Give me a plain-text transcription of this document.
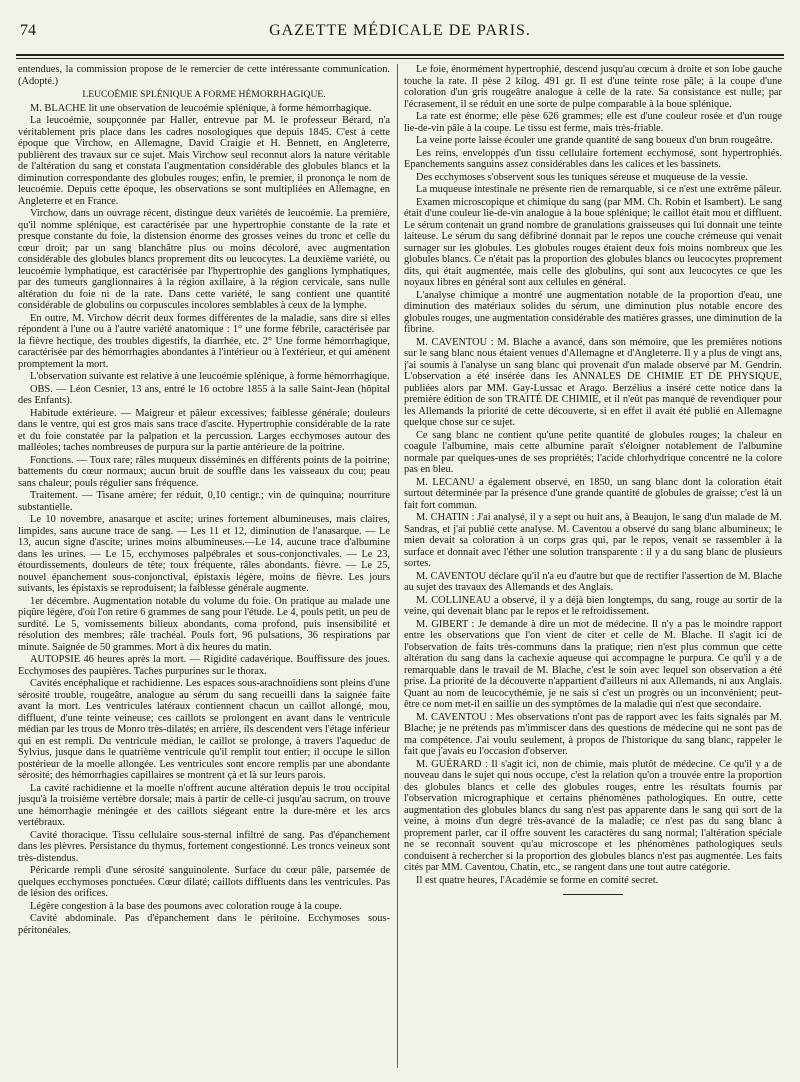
74	GAZETTE MÉDICALE DE PARIS.

entendues, la commission propose de le remercier de cette intéressante communication. (Adopté.)

LEUCOÉMIE SPLÉNIQUE A FORME HÉMORRHAGIQUE.

M. BLACHE lit une observation de leucoémie splénique, à forme hémorrhagique.

La leucoémie, soupçonnée par Haller, entrevue par M. le professeur Bérard, n'a véritablement pris place dans les cadres nosologiques que depuis 1845. C'est à cette époque que Virchow, en Allemagne, David Craigie et H. Bennett, en Angleterre, publièrent des travaux sur ce sujet. Mais Virchow seul reconnut alors la nature véritable de l'altération du sang et constata l'augmentation considérable des globules blancs et la diminution correspondante des globules rouges; enfin, le premier, il prononça le nom de leucoémie. Depuis cette époque, les observations se sont multipliées en Allemagne, en Angleterre et en France.

Virchow, dans un ouvrage récent, distingue deux variétés de leucoémie. La première, qu'il nomme splénique, est caractérisée par une hypertrophie constante de la rate et presque constante du foie, la distension énorme des grosses veines du tronc et celle du cœur droit; par un sang blanchâtre plus ou moins décoloré, avec augmentation considérable des globules blancs proprement dits ou leucocytes. La deuxième variété, ou leucoémie lymphatique, est caractérisée par l'hypertrophie des ganglions lymphatiques, par des tumeurs ganglionnaires à la région axillaire, à la région cervicale, sans nulle altération du foie ni de la rate. Dans cette variété, le sang contient une quantité considérable de globulins ou corpuscules incolores semblables à ceux de la lymphe.

En outre, M. Virchow décrit deux formes différentes de la maladie, sans dire si elles répondent à l'une ou à l'autre variété anatomique : 1° une forme fébrile, caractérisée par la fièvre hectique, des troubles digestifs, la diarrhée, etc. 2° Une forme hémorrhagique, caractérisée par des hémorrhagies abondantes à l'intérieur ou à l'extérieur, et qui amènent promptement la mort.

L'observation suivante est relative à une leucoémie splénique, à forme hémorrhagique.

OBS. — Léon Cesnier, 13 ans, entré le 16 octobre 1855 à la salle Saint-Jean (hôpital des Enfants).

Habitude extérieure. — Maigreur et pâleur excessives; faiblesse générale; douleurs dans le ventre, qui est gros mais sans trace d'ascite. Hypertrophie considérable de la rate et du foie constatée par la palpation et la percussion. Larges ecchymoses autour des malléoles; taches nombreuses de purpura sur la partie antérieure de la poitrine.

Fonctions. — Toux rare; râles muqueux disséminés en différents points de la poitrine; battements du cœur normaux; aucun bruit de souffle dans les vaisseaux du cou; peau sans chaleur; pouls régulier sans fréquence.

Traitement. — Tisane amère; fer réduit, 0,10 centigr.; vin de quinquina; nourriture substantielle.

Le 10 novembre, anasarque et ascite; urines fortement albumineuses, mais claires, limpides, sans aucune trace de sang. — Les 11 et 12, diminution de l'anasarque. — Le 13, aucun signe d'ascite; urines moins albumineuses.—Le 14, aucune trace d'albumine dans les urines. — Le 15, ecchymoses palpébrales et sous-conjonctivales. — Le 23, étourdissements, douleurs de tête; toux fréquente, râles abondants. fièvre. — Le 25, nouvel épanchement sous-conjonctival, épistaxis légère, moins de fièvre. Les jours suivants, les épistaxis se reproduisent; la faiblesse générale augmente.

1er décembre. Augmentation notable du volume du foie. On pratique au malade une piqûre légère, d'où l'on retire 6 grammes de sang pour l'étude. Le 4, pouls petit, un peu de surdité. Le 5, vomissements bilieux abondants, coma profond, puis insensibilité et résolution des membres; râle trachéal. Pouls fort, 96 pulsations, 36 respirations par minute. Saignée de 50 grammes. Mort à dix heures du matin.

AUTOPSIE 46 heures après la mort. — Rigidité cadavérique. Bouffissure des joues. Ecchymoses des paupières. Taches purpurines sur le thorax.

Cavités encéphalique et rachidienne. Les espaces sous-arachnoïdiens sont pleins d'une sérosité trouble, rougeâtre, analogue au sérum du sang recueilli dans la saignée faite avant la mort. Les ventricules latéraux contiennent chacun un caillot allongé, mou, diffluent, d'une teinte veineuse; ces caillots se prolongent en avant dans le ventricule médian par les trous de Monro très-dilatés; en arrière, ils descendent vers l'étage inférieur qui en est rempli. Du ventricule médian, le caillot se prolonge, à travers l'aqueduc de Sylvius, jusque dans le quatrième ventricule qu'il remplit tout entier; il occupe le sillon postérieur de la moelle allongée. Les ventricules sont encore remplis par une abondante sérosité; des hémorrhagies capillaires se montrent çà et là sur leurs parois.

La cavité rachidienne et la moelle n'offrent aucune altération depuis le trou occipital jusqu'à la troisième vertèbre dorsale; mais à partir de celle-ci jusqu'au sacrum, on trouve une hémorrhagie méningée et des caillots siégeant entre la dure-mère et les arcs vertébraux.

Cavité thoracique. Tissu cellulaire sous-sternal infiltré de sang. Pas d'épanchement dans les plèvres. Persistance du thymus, fortement congestionné. Les troncs veineux sont très-distendus.

Péricarde rempli d'une sérosité sanguinolente. Surface du cœur pâle, parsemée de quelques ecchymoses ponctuées. Cœur dilaté; caillots diffluents dans les ventricules. Pas de lésion des orifices.

Légère congestion à la base des poumons avec coloration rouge à la coupe.

Cavité abdominale. Pas d'épanchement dans le péritoine. Ecchymoses sous-péritonéales.

Le foie, énormément hypertrophié, descend jusqu'au cœcum à droite et son lobe gauche touche la rate. Il pèse 2 kilog. 491 gr. Il est d'une teinte rose pâle; à la coupe d'une coloration d'un gris rougeâtre analogue à celle de la rate. Sa consistance est nulle; par l'écrasement, il se réduit en une sorte de pulpe comparable à la boue splénique.

La rate est énorme; elle pèse 626 grammes; elle est d'une couleur rosée et d'un rouge lie-de-vin pâle à la coupe. Le tissu est ferme, mais très-friable.

La veine porte laisse écouler une grande quantité de sang boueux d'un brun rougeâtre.

Les reins, enveloppés d'un tissu cellulaire fortement ecchymosé, sont hypertrophiés. Epanchements sanguins assez considérables dans les calices et les bassinets.

Des ecchymoses s'observent sous les tuniques séreuse et muqueuse de la vessie.

La muqueuse intestinale ne présente rien de remarquable, si ce n'est une extrême pâleur.

Examen microscopique et chimique du sang (par MM. Ch. Robin et Isambert). Le sang était d'une couleur lie-de-vin analogue à la boue splénique; le caillot était mou et diffluent. Le sérum contenait un grand nombre de granulations graisseuses qui lui donnait une teinte laiteuse. Le sérum du sang défibriné donnait par le repos une couche crémeuse qui venait surnager sur les globules. Les globules rouges étaient deux fois moins nombreux que les globules blancs. Ce n'était pas la proportion des globules blancs ou leucocytes proprement dits, qui était augmentée, mais celle des globulins, qui sont aux leucocytes ce que les noyaux libres en général sont aux cellules en général.

L'analyse chimique a montré une augmentation notable de la proportion d'eau, une diminution des matériaux solides du sérum, une diminution plus notable encore des globules rouges, une augmentation considérable des matières grasses, une diminution de la fibrine.

M. CAVENTOU : M. Blache a avancé, dans son mémoire, que les premières notions sur le sang blanc nous étaient venues d'Allemagne et d'Angleterre. Il y a plus de vingt ans, j'ai soumis à l'analyse un sang blanc qui provenait d'un malade observé par M. Gendrin. L'observation a été insérée dans les ANNALES DE CHIMIE ET DE PHYSIQUE, publiées alors par MM. Gay-Lussac et Arago. Berzélius a inséré cette notice dans la première édition de son TRAITÉ DE CHIMIE, et il n'eût pas manqué de revendiquer pour les Allemands la priorité de cette découverte, si en effet il avait été publié en Allemagne quelque chose sur ce sujet.

Ce sang blanc ne contient qu'une petite quantité de globules rouges; la chaleur en coagule l'albumine, mais cette albumine paraît s'éloigner notablement de l'albumine normale par quelques-unes de ses propriétés; l'acide chlorhydrique concentré ne la colore pas en bleu.

M. LECANU a également observé, en 1850, un sang blanc dont la coloration était surtout déterminée par la présence d'une grande quantité de globules de graisse; c'est là un fait fort commun.

M. CHATIN : J'ai analysé, il y a sept ou huit ans, à Beaujon, le sang d'un malade de M. Sandras, et j'ai publié cette analyse. M. Caventou a observé du sang blanc albumineux; le mien devait sa coloration à un corps gras qui, par le repos, venait se rassembler à la surface et donnait avec l'éther une solution transparente : il y a du sang blanc de plusieurs sortes.

M. CAVENTOU déclare qu'il n'a eu d'autre but que de rectifier l'assertion de M. Blache au sujet des travaux des Allemands et des Anglais.

M. COLLINEAU a observé, il y a déjà bien longtemps, du sang, rouge au sortir de la veine, qui devenait blanc par le repos et le refroidissement.

M. GIBERT : Je demande à dire un mot de médecine. Il n'y a pas le moindre rapport entre les observations que l'on vient de citer et celle de M. Blache. Il s'agit ici de l'observation de faits très-communs dans la pratique; rien n'est plus commun que cette altération du sang dans la cachexie aqueuse qui accompagne le purpura. Ce qu'il y a de remarquable dans le travail de M. Blache, c'est le soin avec lequel son observation a été prise. La priorité de la découverte n'appartient d'ailleurs ni aux Allemands, ni aux Anglais. Quant au nom de leucocythémie, je ne sais si c'est un progrès ou un inconvénient; peut-être ce nom met-il en saillie un des symptômes de la maladie qui n'est que secondaire.

M. CAVENTOU : Mes observations n'ont pas de rapport avec les faits signalés par M. Blache; je ne prétends pas m'immiscer dans des questions de médecine qui ne sont pas de ma compétence. J'ai voulu seulement, à propos de l'historique du sang blanc, rappeler le fait que j'avais eu l'occasion d'observer.

M. GUÉRARD : Il s'agit ici, non de chimie, mais plutôt de médecine. Ce qu'il y a de nouveau dans le sujet qui nous occupe, c'est la relation qu'on a trouvée entre la proportion des globules blancs et celle des globules rouges, entre les résultats fournis par l'observation micrographique et certains phénomènes pathologiques. En outre, cette augmentation des globules blancs du sang n'est pas apparente dans le sang qui sort de la veine, à moins d'un degré très-avancé de la maladie; ce n'est pas du sang blanc à proprement parler, car il offre souvent les caractères du sang normal; l'altération spéciale ne se reconnaît souvent qu'au microscope et les phénomènes pathologiques seuls conduisent à rechercher si la proportion des globules blancs n'est pas augmentée. Les faits cités par MM. Caventou, Chatin, etc., se rangent dans une tout autre catégorie.

Il est quatre heures, l'Académie se forme en comité secret.
